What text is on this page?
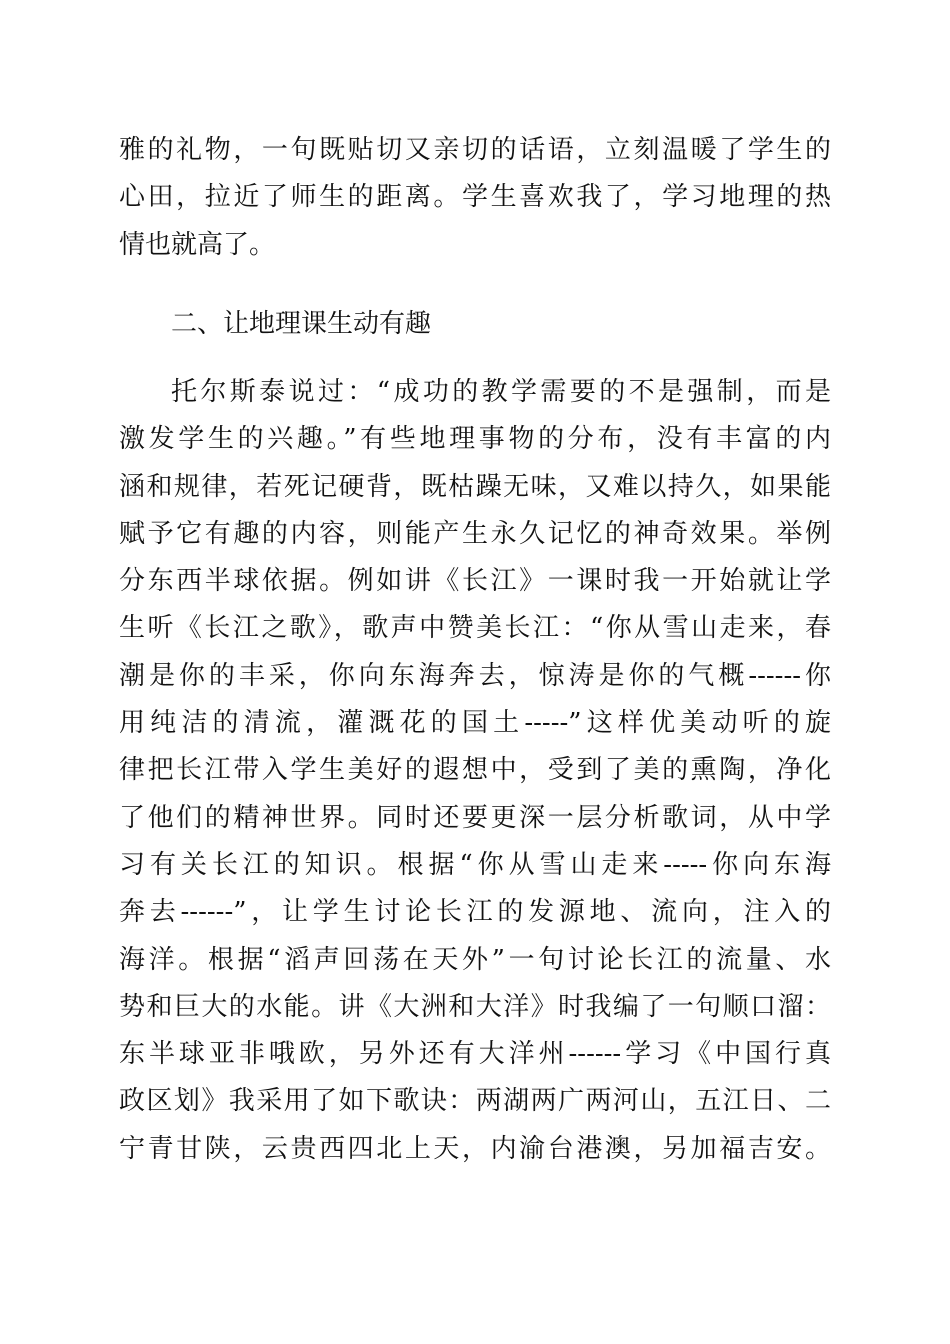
雅的礼物，一句既贴切又亲切的话语，立刻温暖了学生的
心田，拉近了师生的距离。学生喜欢我了，学习地理的热
情也就高了。
二、让地理课生动有趣
托尔斯泰说过：“成功的教学需要的不是强制，而是
激发学生的兴趣。”有些地理事物的分布，没有丰富的内
涵和规律，若死记硬背，既枯躁无味，又难以持久，如果能
赋予它有趣的内容，则能产生永久记忆的神奇效果。举例
分东西半球依据。例如讲《长江》一课时我一开始就让学
生听《长江之歌》，歌声中赞美长江：“你从雪山走来，春
潮是你的丰采，你向东海奔去，惊涛是你的气概------你
用纯洁的清流，灌溉花的国土-----”这样优美动听的旋
律把长江带入学生美好的遐想中，受到了美的熏陶，净化
了他们的精神世界。同时还要更深一层分析歌词，从中学
习有关长江的知识。根据“你从雪山走来-----你向东海
奔去------”，让学生讨论长江的发源地、流向，注入的
海洋。根据“滔声回荡在天外”一句讨论长江的流量、水
势和巨大的水能。讲《大洲和大洋》时我编了一句顺口溜：
东半球亚非哦欧，另外还有大洋州------学习《中国行真
政区划》我采用了如下歌诀：两湖两广两河山，五江日、二
宁青甘陕，云贵西四北上天，内渝台港澳，另加福吉安。
